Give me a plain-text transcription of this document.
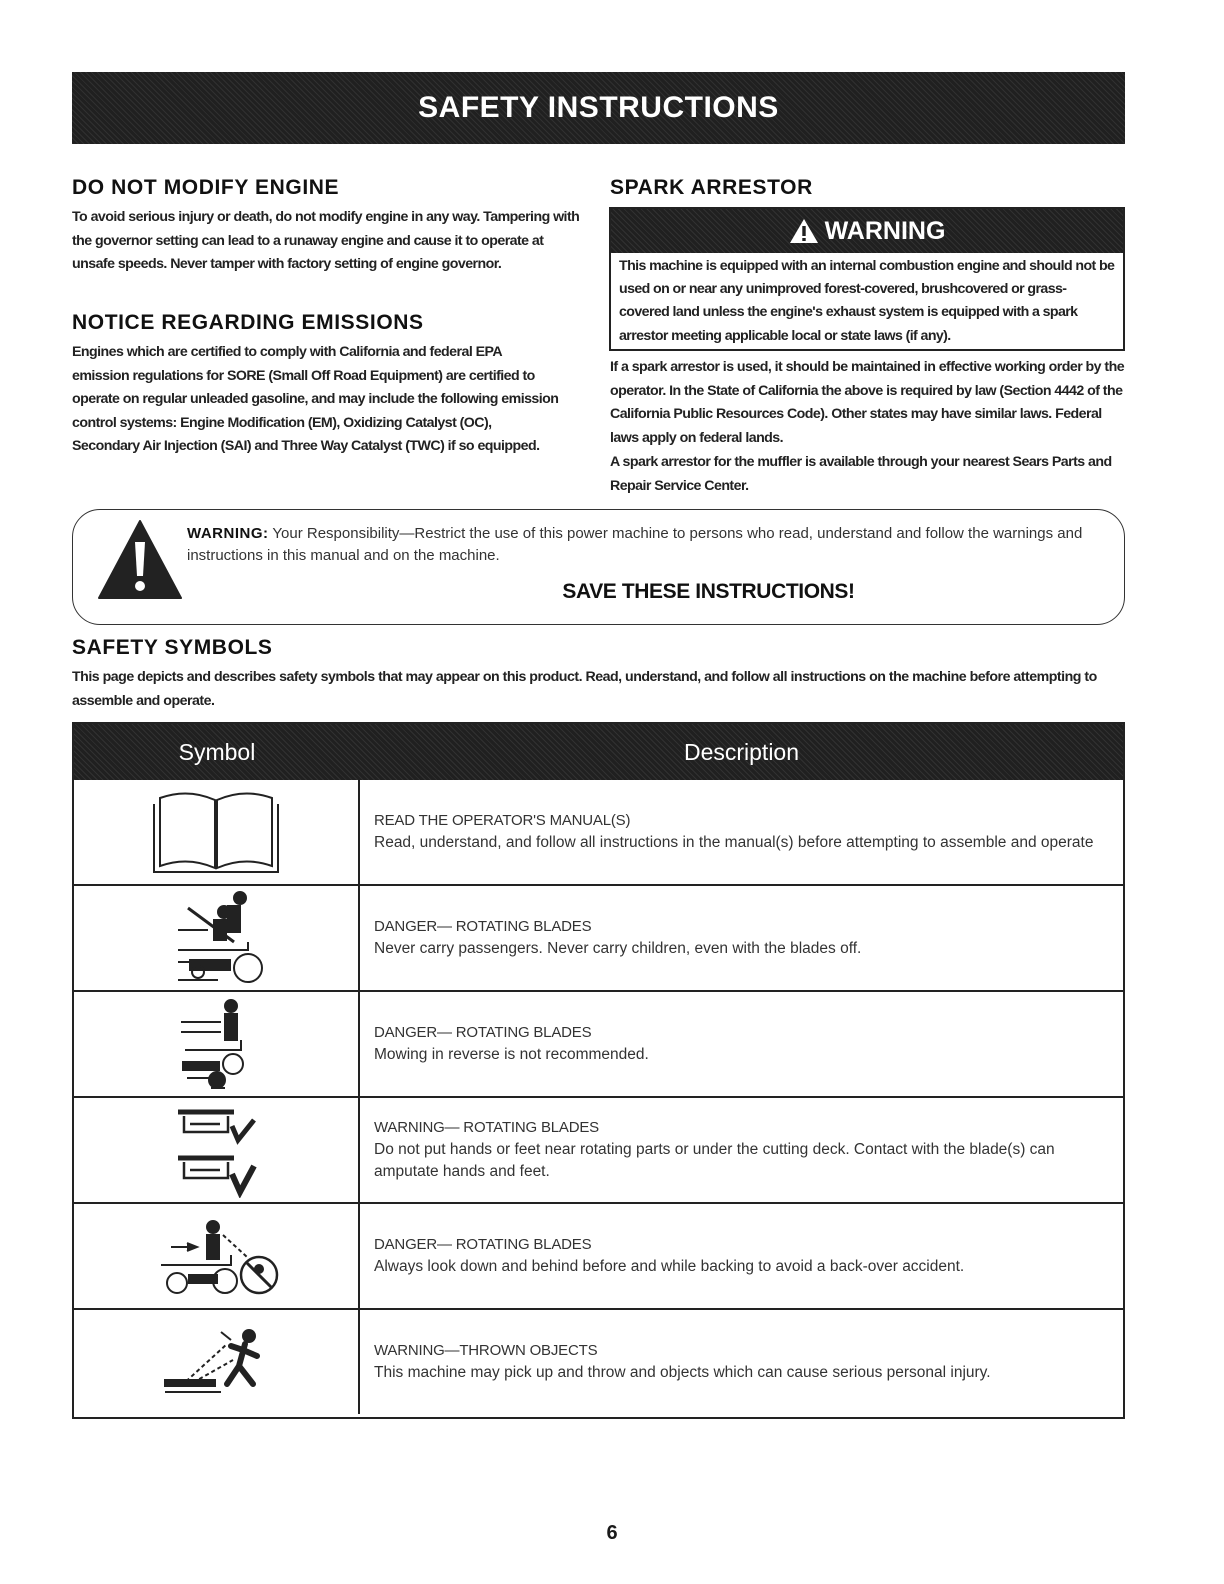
SAFETY INSTRUCTIONS
DO NOT MODIFY ENGINE
To avoid serious injury or death, do not modify engine in any way. Tampering with the governor setting can lead to a runaway engine and cause it to operate at unsafe speeds. Never tamper with factory setting of engine governor.
NOTICE REGARDING EMISSIONS
Engines which are certified to comply with California and federal EPA emission regulations for SORE (Small Off Road Equipment) are certified to operate on regular unleaded gasoline, and may include the following emission control systems: Engine Modification (EM), Oxidizing Catalyst (OC), Secondary Air Injection (SAI) and Three Way Catalyst (TWC) if so equipped.
SPARK ARRESTOR
WARNING
This machine is equipped with an internal combustion engine and should not be used on or near any unimproved forest-covered, brushcovered or grass-covered land unless the engine's exhaust system is equipped with a spark arrestor meeting applicable local or state laws (if any).
If a spark arrestor is used, it should be maintained in effective working order by the operator. In the State of California the above is required by law (Section 4442 of the California Public Resources Code). Other states may have similar laws. Federal laws apply on federal lands.
A spark arrestor for the muffler is available through your nearest Sears Parts and Repair Service Center.
WARNING: Your Responsibility—Restrict the use of this power machine to persons who read, understand and follow the warnings and instructions in this manual and on the machine.
SAVE THESE INSTRUCTIONS!
SAFETY SYMBOLS
This page depicts and describes safety symbols that may appear on this product. Read, understand, and follow all instructions on the machine before attempting to assemble and operate.
Symbol	Description
READ THE OPERATOR'S MANUAL(S)
Read, understand, and follow all instructions in the manual(s) before attempting to assemble and operate
DANGER— ROTATING BLADES
Never carry passengers. Never carry children, even with the blades off.
DANGER— ROTATING BLADES
Mowing in reverse is not recommended.
WARNING— ROTATING BLADES
Do not put hands or feet near rotating parts or under the cutting deck. Contact with the blade(s) can amputate hands and feet.
DANGER— ROTATING BLADES
Always look down and behind before and while backing to avoid a back-over accident.
WARNING—THROWN OBJECTS
This machine may pick up and throw and objects which can cause serious personal injury.
6
